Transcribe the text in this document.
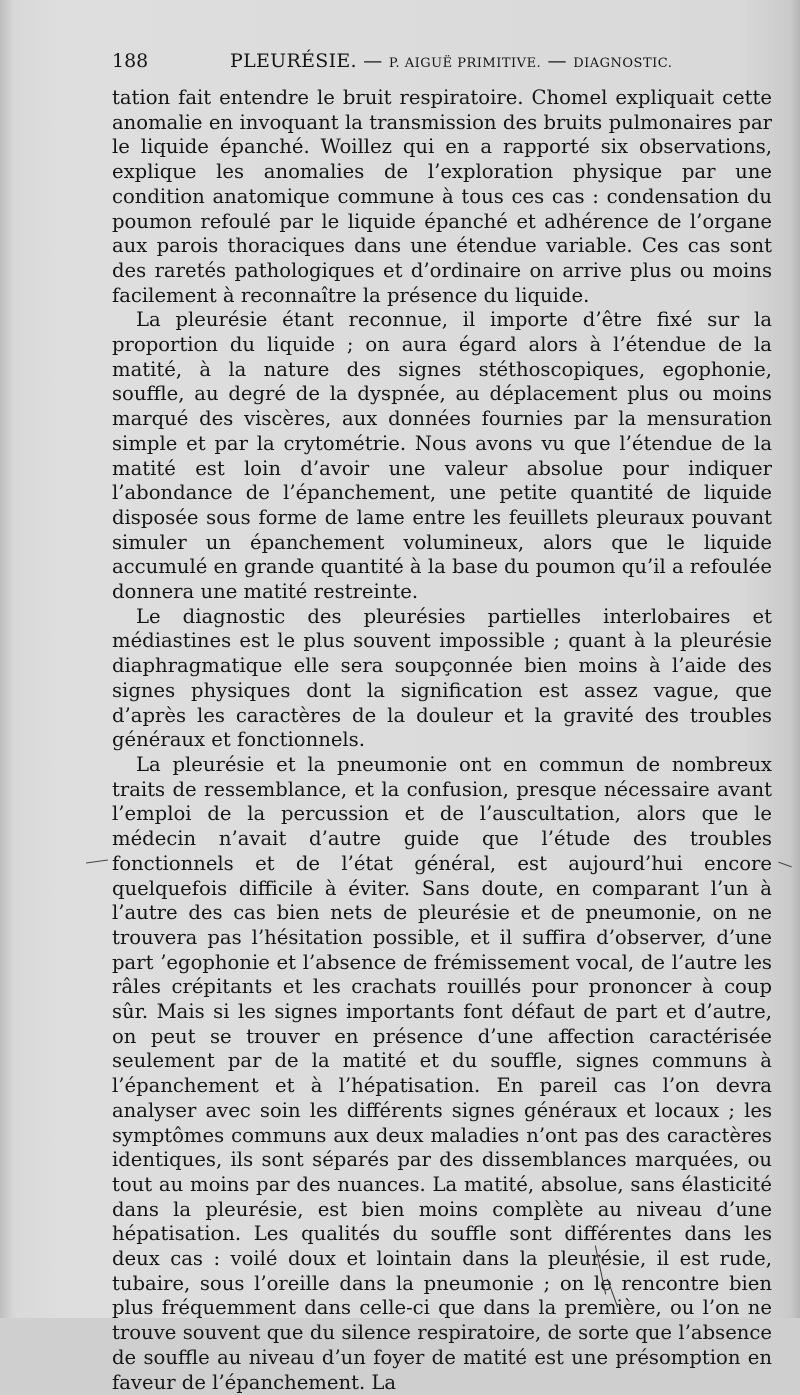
188	PLEURÉSIE. — P. AIGUË PRIMITIVE. — DIAGNOSTIC.

tation fait entendre le bruit respiratoire. Chomel expliquait cette anomalie en invoquant la transmission des bruits pulmonaires par le liquide épanché. Woillez qui en a rapporté six observations, explique les anomalies de l’exploration physique par une condition anatomique commune à tous ces cas : condensation du poumon refoulé par le liquide épanché et adhérence de l’organe aux parois thoraciques dans une étendue variable. Ces cas sont des raretés pathologiques et d’ordinaire on arrive plus ou moins facilement à reconnaître la présence du liquide.

La pleurésie étant reconnue, il importe d’être fixé sur la proportion du liquide ; on aura égard alors à l’étendue de la matité, à la nature des signes stéthoscopiques, egophonie, souffle, au degré de la dyspnée, au déplacement plus ou moins marqué des viscères, aux données fournies par la mensuration simple et par la crytométrie. Nous avons vu que l’étendue de la matité est loin d’avoir une valeur absolue pour indiquer l’abondance de l’épanchement, une petite quantité de liquide disposée sous forme de lame entre les feuillets pleuraux pouvant simuler un épanchement volumineux, alors que le liquide accumulé en grande quantité à la base du poumon qu’il a refoulée donnera une matité restreinte.

Le diagnostic des pleurésies partielles interlobaires et médiastines est le plus souvent impossible ; quant à la pleurésie diaphragmatique elle sera soupçonnée bien moins à l’aide des signes physiques dont la signification est assez vague, que d’après les caractères de la douleur et la gravité des troubles généraux et fonctionnels.

La pleurésie et la pneumonie ont en commun de nombreux traits de ressemblance, et la confusion, presque nécessaire avant l’emploi de la percussion et de l’auscultation, alors que le médecin n’avait d’autre guide que l’étude des troubles fonctionnels et de l’état général, est aujourd’hui encore quelquefois difficile à éviter. Sans doute, en comparant l’un à l’autre des cas bien nets de pleurésie et de pneumonie, on ne trouvera pas l’hésitation possible, et il suffira d’observer, d’une part ’egophonie et l’absence de frémissement vocal, de l’autre les râles crépitants et les crachats rouillés pour prononcer à coup sûr. Mais si les signes importants font défaut de part et d’autre, on peut se trouver en présence d’une affection caractérisée seulement par de la matité et du souffle, signes communs à l’épanchement et à l’hépatisation. En pareil cas l’on devra analyser avec soin les différents signes généraux et locaux ; les symptômes communs aux deux maladies n’ont pas des caractères identiques, ils sont séparés par des dissemblances marquées, ou tout au moins par des nuances. La matité, absolue, sans élasticité dans la pleurésie, est bien moins complète au niveau d’une hépatisation. Les qualités du souffle sont différentes dans les deux cas : voilé doux et lointain dans la pleurésie, il est rude, tubaire, sous l’oreille dans la pneumonie ; on le rencontre bien plus fréquemment dans celle-ci que dans la première, ou l’on ne trouve souvent que du silence respiratoire, de sorte que l’absence de souffle au niveau d’un foyer de matité est une présomption en faveur de l’épanchement. La
